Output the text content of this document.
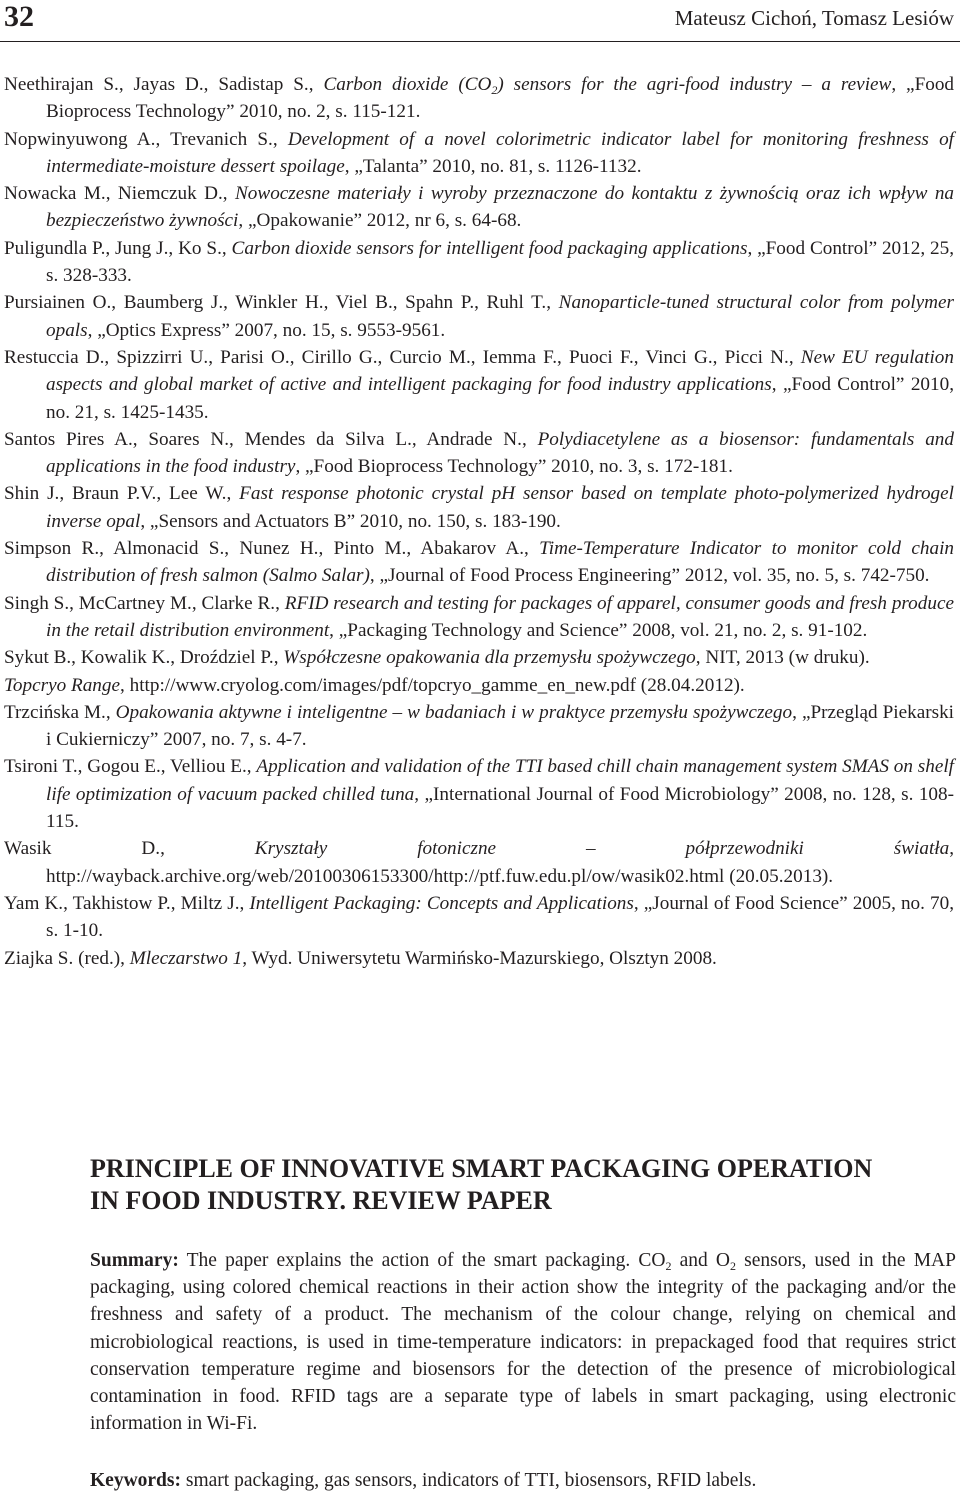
32	Mateusz Cichoń, Tomasz Lesiów

Neethirajan S., Jayas D., Sadistap S., Carbon dioxide $(CO_2)$ sensors for the agri-food industry – a review, „Food Bioprocess Technology” 2010, no. 2, s. 115-121.

Nopwinyuwong A., Trevanich S., Development of a novel colorimetric indicator label for monitoring freshness of intermediate-moisture dessert spoilage, „Talanta” 2010, no. 81, s. 1126-1132.

Nowacka M., Niemczuk D., Nowoczesne materiały i wyroby przeznaczone do kontaktu z żywnością oraz ich wpływ na bezpieczeństwo żywności, „Opakowanie” 2012, nr 6, s. 64-68.

Puligundla P., Jung J., Ko S., Carbon dioxide sensors for intelligent food packaging applications, „Food Control” 2012, 25, s. 328-333.

Pursiainen O., Baumberg J., Winkler H., Viel B., Spahn P., Ruhl T., Nanoparticle-tuned structural color from polymer opals, „Optics Express” 2007, no. 15, s. 9553-9561.

Restuccia D., Spizzirri U., Parisi O., Cirillo G., Curcio M., Iemma F., Puoci F., Vinci G., Picci N., New EU regulation aspects and global market of active and intelligent packaging for food industry applications, „Food Control” 2010, no. 21, s. 1425-1435.

Santos Pires A., Soares N., Mendes da Silva L., Andrade N., Polydiacetylene as a biosensor: fundamentals and applications in the food industry, „Food Bioprocess Technology” 2010, no. 3, s. 172-181.

Shin J., Braun P.V., Lee W., Fast response photonic crystal pH sensor based on template photo-polymerized hydrogel inverse opal, „Sensors and Actuators B” 2010, no. 150, s. 183-190.

Simpson R., Almonacid S., Nunez H., Pinto M., Abakarov A., Time-Temperature Indicator to monitor cold chain distribution of fresh salmon (Salmo Salar), „Journal of Food Process Engineering” 2012, vol. 35, no. 5, s. 742-750.

Singh S., McCartney M., Clarke R., RFID research and testing for packages of apparel, consumer goods and fresh produce in the retail distribution environment, „Packaging Technology and Science” 2008, vol. 21, no. 2, s. 91-102.

Sykut B., Kowalik K., Droździel P., Współczesne opakowania dla przemysłu spożywczego, NIT, 2013 (w druku).

Topcryo Range, http://www.cryolog.com/images/pdf/topcryo_gamme_en_new.pdf (28.04.2012).

Trzcińska M., Opakowania aktywne i inteligentne – w badaniach i w praktyce przemysłu spożywczego, „Przegląd Piekarski i Cukierniczy” 2007, no. 7, s. 4-7.

Tsironi T., Gogou E., Velliou E., Application and validation of the TTI based chill chain management system SMAS on shelf life optimization of vacuum packed chilled tuna, „International Journal of Food Microbiology” 2008, no. 128, s. 108-115.

Wasik D., Kryształy fotoniczne – półprzewodniki światła, http://wayback.archive.org/web/20100306153300/http://ptf.fuw.edu.pl/ow/wasik02.html (20.05.2013).

Yam K., Takhistow P., Miltz J., Intelligent Packaging: Concepts and Applications, „Journal of Food Science” 2005, no. 70, s. 1-10.

Ziajka S. (red.), Mleczarstwo 1, Wyd. Uniwersytetu Warmińsko-Mazurskiego, Olsztyn 2008.

PRINCIPLE OF INNOVATIVE SMART PACKAGING OPERATION
IN FOOD INDUSTRY. REVIEW PAPER

Summary: The paper explains the action of the smart packaging. $CO_2$ and $O_2$ sensors, used in the MAP packaging, using colored chemical reactions in their action show the integrity of the packaging and/or the freshness and safety of a product. The mechanism of the colour change, relying on chemical and microbiological reactions, is used in time-temperature indicators: in prepackaged food that requires strict conservation temperature regime and biosensors for the detection of the presence of microbiological contamination in food. RFID tags are a separate type of labels in smart packaging, using electronic information in Wi-Fi.

Keywords: smart packaging, gas sensors, indicators of TTI, biosensors, RFID labels.
